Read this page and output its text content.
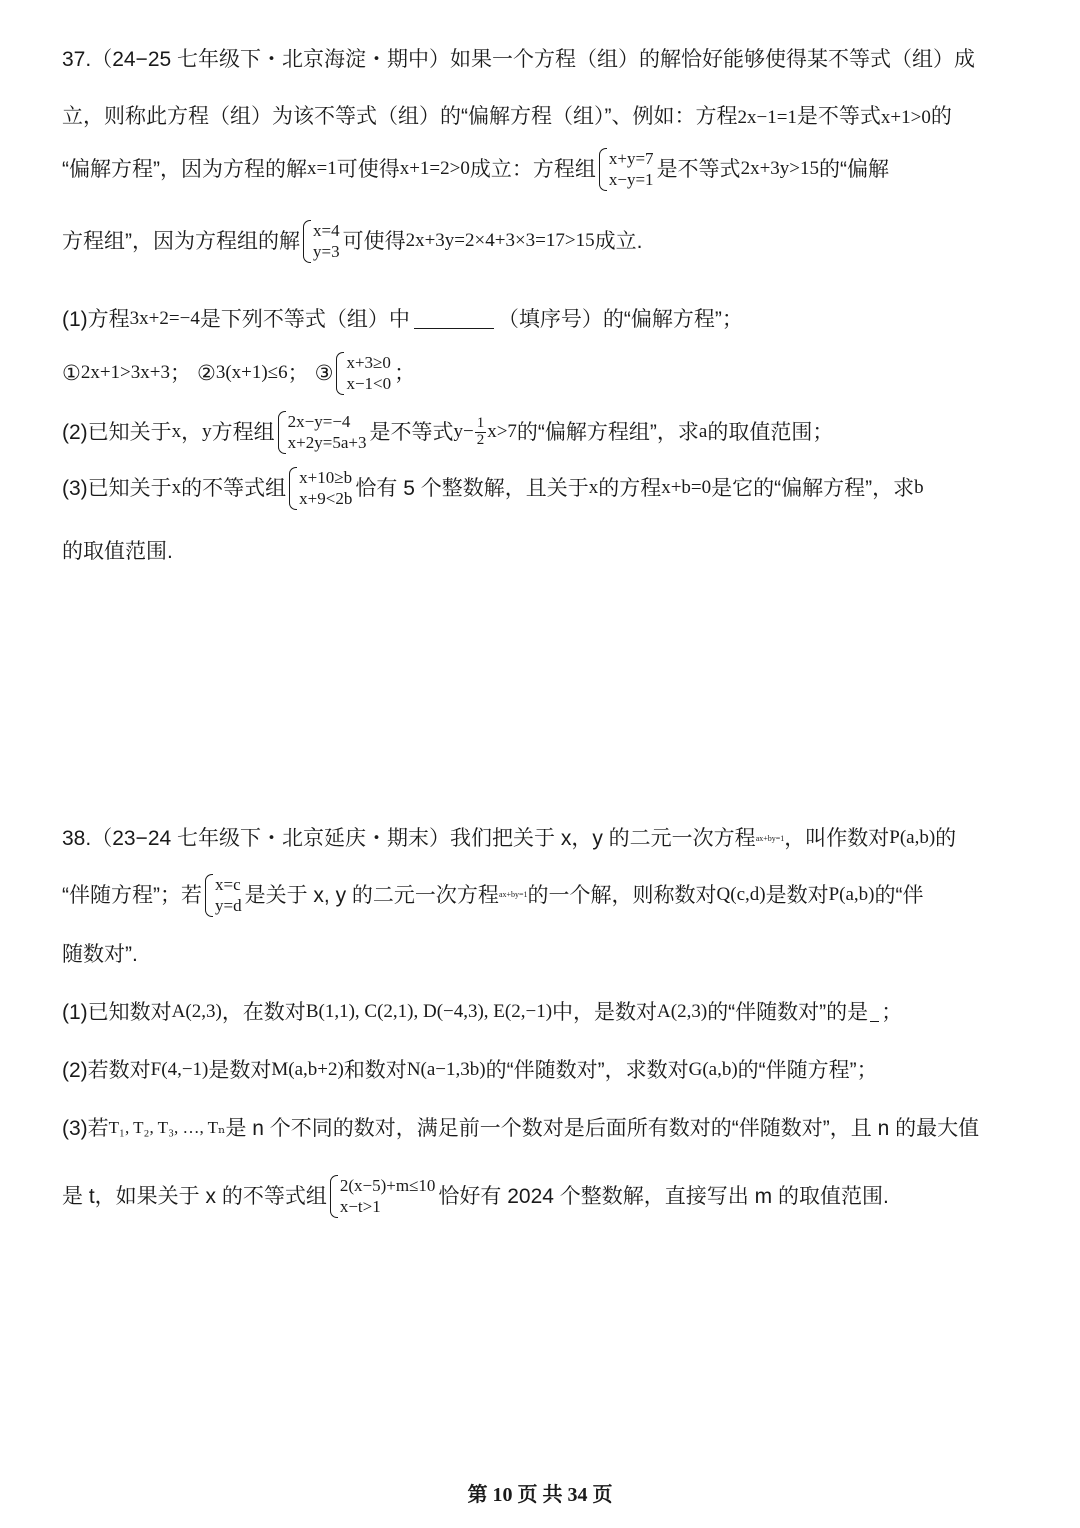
37.（24−25 七年级下・北京海淀・期中）如果一个方程（组）的解恰好能够使得某不等式（组）成
立，则称此方程（组）为该不等式（组）的“偏解方程（组）”、例如：方程2x−1=1是不等式x+1>0的
“偏解方程”，因为方程的解 x=1 可使得 x+1=2>0 成立：方程组 x+y=7
x−y=1 是不等式 2x+3y>15 的“偏解
方程组”，因为方程组的解 x=4
y=3 可使得 2x+3y=2×4+3×3=17>15 成立.
(1)方程 3x+2=−4 是下列不等式（组）中	（填序号）的“偏解方程”；
① 2x+1>3x+3 ； ② 3(x+1)≤6 ； ③ x+3≥0
x−1<0 ；
(2)已知关于 x ， y 方程组 2x−y=−4
x+2y=5a+3 是不等式 $y- \frac{1}{2} x>7$ 的“偏解方程组”，求 a 的取值范围；
(3)已知关于 x 的不等式组 x+10≥b
x+9<2b 恰有 5 个整数解，且关于 x 的方程 x+b=0 是它的“偏解方程”，求 b
的取值范围.
38.（23−24 七年级下・北京延庆・期末）我们把关于 x，y 的二元一次方程 ax+by=1 ，叫作数对 P(a,b) 的
“伴随方程”；若 x=c
y=d 是关于 x, y 的二元一次方程 ax+by=1 的一个解，则称数对 Q(c,d) 是数对 P(a,b) 的“伴
随数对”.
(1)已知数对 A(2,3) ，在数对 B(1,1), C(2,1), D(−4,3), E(2,−1) 中，是数对 A(2,3) 的“伴随数对”的是 ；
(2)若数对 F(4,−1) 是数对 M(a,b+2) 和数对 N(a−1,3b) 的“伴随数对”，求数对 G(a,b) 的“伴随方程”；
(3)若 T₁, T₂, T₃, …, Tₙ 是 n 个不同的数对，满足前一个数对是后面所有数对的“伴随数对”，且 n 的最大值
是 t，如果关于 x 的不等式组 2(x−5)+m≤10
x−t>1	恰好有 2024 个整数解，直接写出 m 的取值范围.
第 10 页 共 34 页
